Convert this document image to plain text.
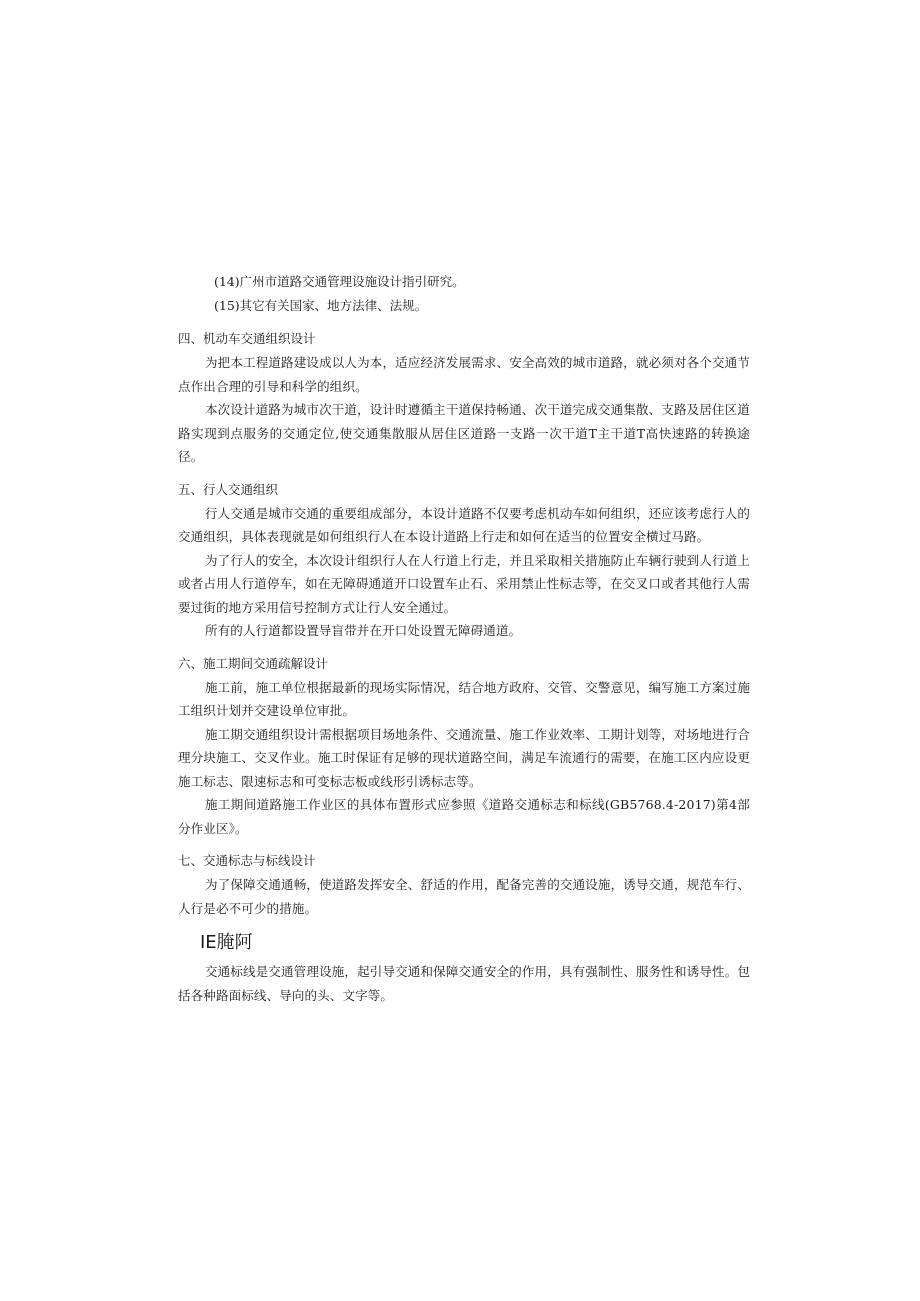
(14)广州市道路交通管理设施设计指引研究。

(15)其它有关国家、地方法律、法规。

四、机动车交通组织设计

为把本工程道路建设成以人为本，适应经济发展需求、安全高效的城市道路，就必须对各个交通节点作出合理的引导和科学的组织。

本次设计道路为城市次干道，设计时遵循主干道保持畅通、次干道完成交通集散、支路及居住区道路实现到点服务的交通定位,使交通集散服从居住区道路一支路一次干道T主干道T高快速路的转换途径。

五、行人交通组织

行人交通是城市交通的重要组成部分，本设计道路不仅要考虑机动车如何组织，还应该考虑行人的交通组织，具体表现就是如何组织行人在本设计道路上行走和如何在适当的位置安全横过马路。

为了行人的安全，本次设计组织行人在人行道上行走，并且采取相关措施防止车辆行驶到人行道上或者占用人行道停车，如在无障碍通道开口设置车止石、采用禁止性标志等，在交叉口或者其他行人需要过街的地方采用信号控制方式让行人安全通过。

所有的人行道都设置导盲带并在开口处设置无障碍通道。

六、施工期间交通疏解设计

施工前，施工单位根据最新的现场实际情况，结合地方政府、交管、交警意见，编写施工方案过施工组织计划并交建设单位审批。

施工期交通组织设计需根据项目场地条件、交通流量、施工作业效率、工期计划等，对场地进行合理分块施工、交叉作业。施工时保证有足够的现状道路空间，满足车流通行的需要，在施工区内应设更施工标志、限速标志和可变标志板或线形引诱标志等。

施工期间道路施工作业区的具体布置形式应参照《道路交通标志和标线(GB5768.4-2017)第4部分作业区》。

七、交通标志与标线设计

为了保障交通通畅，使道路发挥安全、舒适的作用，配备完善的交通设施，诱导交通，规范车行、人行是必不可少的措施。

IE腌阿

交通标线是交通管理设施，起引导交通和保障交通安全的作用，具有强制性、服务性和诱导性。包括各种路面标线、导向的头、文字等。
